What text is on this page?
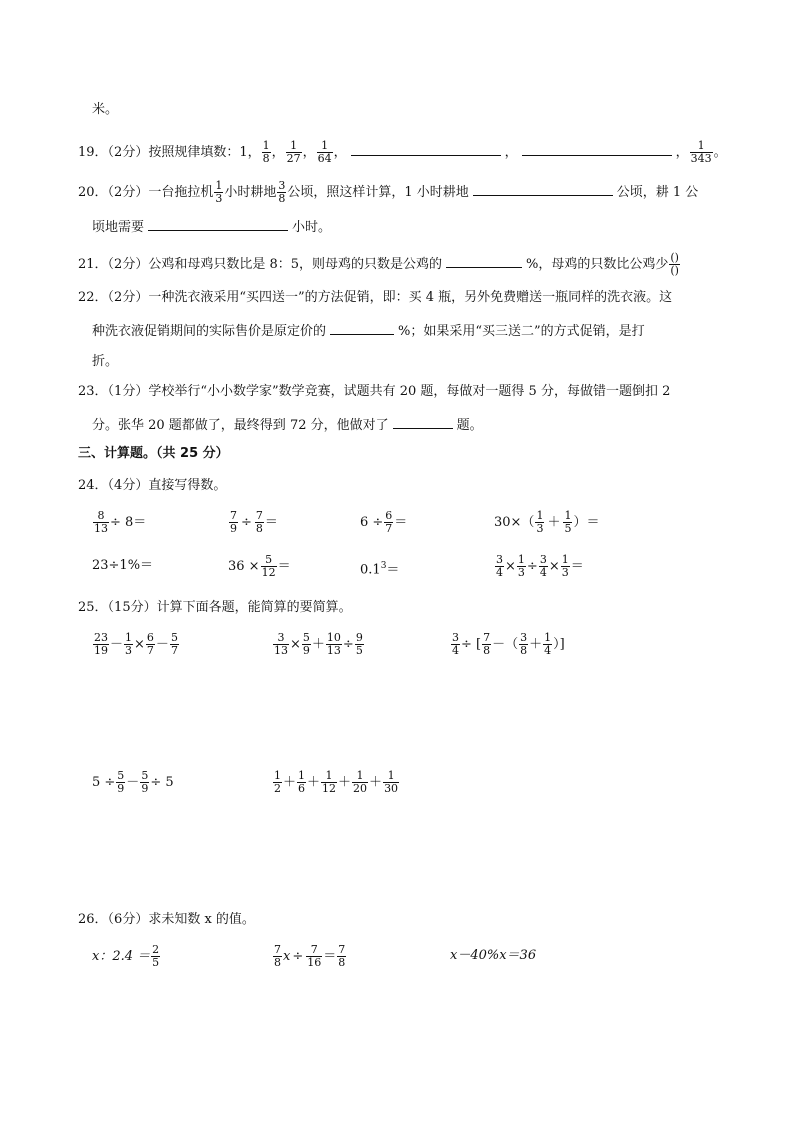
米。
19．（2分）按照规律填数：1， $\frac{1}{8}$ ， $\frac{1}{27}$ ， $\frac{1}{64}$ ，	，	， $\frac{1}{343}$ 。
20．（2分）一台拖拉机 $\frac{1}{3}$ 小时耕地 $\frac{3}{8}$ 公顷，照这样计算，1 小时耕地	公顷，耕 1 公
顷地需要	小时。
21．（2分）公鸡和母鸡只数比是 8：5，则母鸡的只数是公鸡的	%，母鸡的只数比公鸡少 $\frac{()}{()}$
22．（2分）一种洗衣液采用“买四送一”的方法促销，即：买 4 瓶，另外免费赠送一瓶同样的洗衣液。这
种洗衣液促销期间的实际售价是原定价的	%；如果采用“买三送二”的方式促销，是打
折。
23．（1分）学校举行“小小数学家”数学竞赛，试题共有 20 题，每做对一题得 5 分，每做错一题倒扣 2
分。张华 20 题都做了，最终得到 72 分，他做对了	题。
三、计算题。（共 25 分）
24．（4分）直接写得数。
$\frac{8}{13} \div 8=$	$\frac{7}{9} \div \frac{7}{8}$ ＝	$6 \div \frac{6}{7}$ ＝	$30\times( \frac{1}{3} + \frac{1}{5}$ ）＝
23÷1%＝	$36 \times \frac{5}{12}$ ＝	$0.1^3=$	$\frac{3}{4} \times \frac{1}{3} \div \frac{3}{4} \times \frac{1}{3}$ ＝
25．（15分）计算下面各题，能简算的要简算。
$\frac{23}{19} - \frac{1}{3} \times \frac{6}{7} - \frac{5}{7}$	$\frac{3}{13} \times \frac{5}{9} + \frac{10}{13} \div \frac{9}{5}$	$\frac{3}{4}$ ÷ [ $\frac{7}{8}$ －（ $\frac{3}{8} + \frac{1}{4}$ ）]
$5 \div \frac{5}{9} - \frac{5}{9} \div 5$	$\frac{1}{2} + \frac{1}{6} + \frac{1}{12} + \frac{1}{20} + \frac{1}{30}$
26．（6分）求未知数 x 的值。
x：$2.4 = \frac{2}{5}$	$\frac{7}{8}$ $x \div \frac{7}{16} = \frac{7}{8}$	x－40%x＝36
